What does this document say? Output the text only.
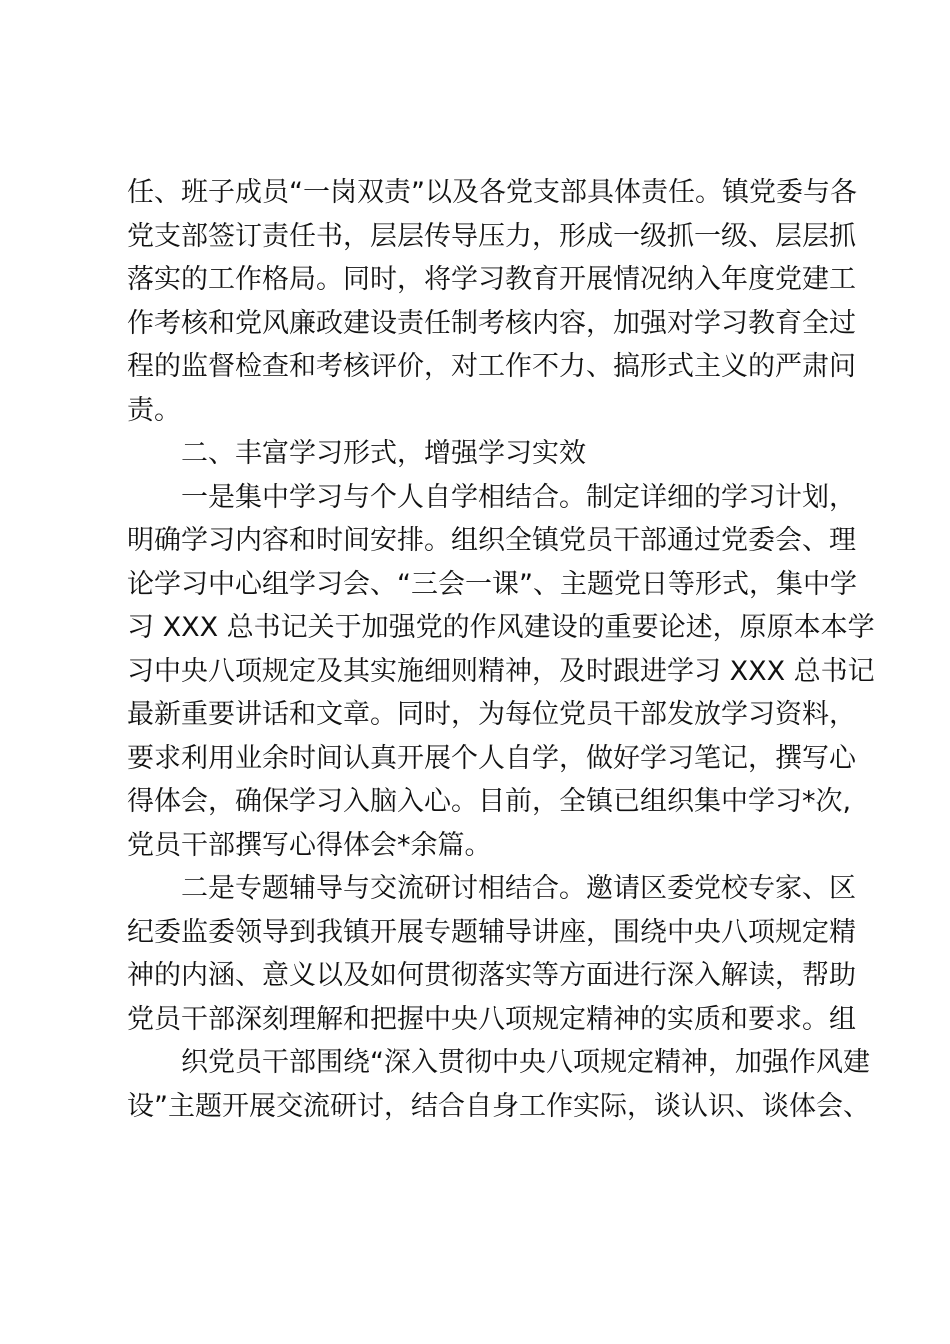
任、班子成员“一岗双责”以及各党支部具体责任。镇党委与各
党支部签订责任书，层层传导压力，形成一级抓一级、层层抓
落实的工作格局。同时，将学习教育开展情况纳入年度党建工
作考核和党风廉政建设责任制考核内容，加强对学习教育全过
程的监督检查和考核评价，对工作不力、搞形式主义的严肃问
责。
二、丰富学习形式，增强学习实效
一是集中学习与个人自学相结合。制定详细的学习计划，
明确学习内容和时间安排。组织全镇党员干部通过党委会、理
论学习中心组学习会、“三会一课”、主题党日等形式，集中学
习 XXX 总书记关于加强党的作风建设的重要论述，原原本本学
习中央八项规定及其实施细则精神，及时跟进学习 XXX 总书记
最新重要讲话和文章。同时，为每位党员干部发放学习资料，
要求利用业余时间认真开展个人自学，做好学习笔记，撰写心
得体会，确保学习入脑入心。目前，全镇已组织集中学习*次,
党员干部撰写心得体会*余篇。
二是专题辅导与交流研讨相结合。邀请区委党校专家、区
纪委监委领导到我镇开展专题辅导讲座，围绕中央八项规定精
神的内涵、意义以及如何贯彻落实等方面进行深入解读，帮助
党员干部深刻理解和把握中央八项规定精神的实质和要求。组
织党员干部围绕“深入贯彻中央八项规定精神，加强作风建
设”主题开展交流研讨，结合自身工作实际，谈认识、谈体会、
